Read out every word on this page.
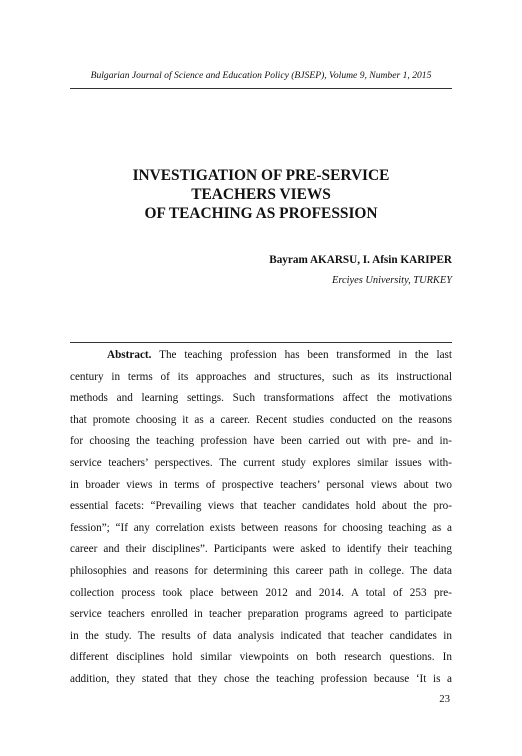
Bulgarian Journal of Science and Education Policy (BJSEP), Volume 9, Number 1, 2015
INVESTIGATION OF PRE-SERVICE
TEACHERS VIEWS
OF TEACHING AS PROFESSION
Bayram AKARSU, I. Afsin KARIPER
Erciyes University, TURKEY
Abstract. The teaching profession has been transformed in the last
century in terms of its approaches and structures, such as its instructional
methods and learning settings. Such transformations affect the motivations
that promote choosing it as a career. Recent studies conducted on the reasons
for choosing the teaching profession have been carried out with pre- and in-
service teachers’ perspectives. The current study explores similar issues with-
in broader views in terms of prospective teachers’ personal views about two
essential facets: “Prevailing views that teacher candidates hold about the pro-
fession”; “If any correlation exists between reasons for choosing teaching as a
career and their disciplines”. Participants were asked to identify their teaching
philosophies and reasons for determining this career path in college. The data
collection process took place between 2012 and 2014. A total of 253 pre-
service teachers enrolled in teacher preparation programs agreed to participate
in the study. The results of data analysis indicated that teacher candidates in
different disciplines hold similar viewpoints on both research questions. In
addition, they stated that they chose the teaching profession because ‘It is a
23
